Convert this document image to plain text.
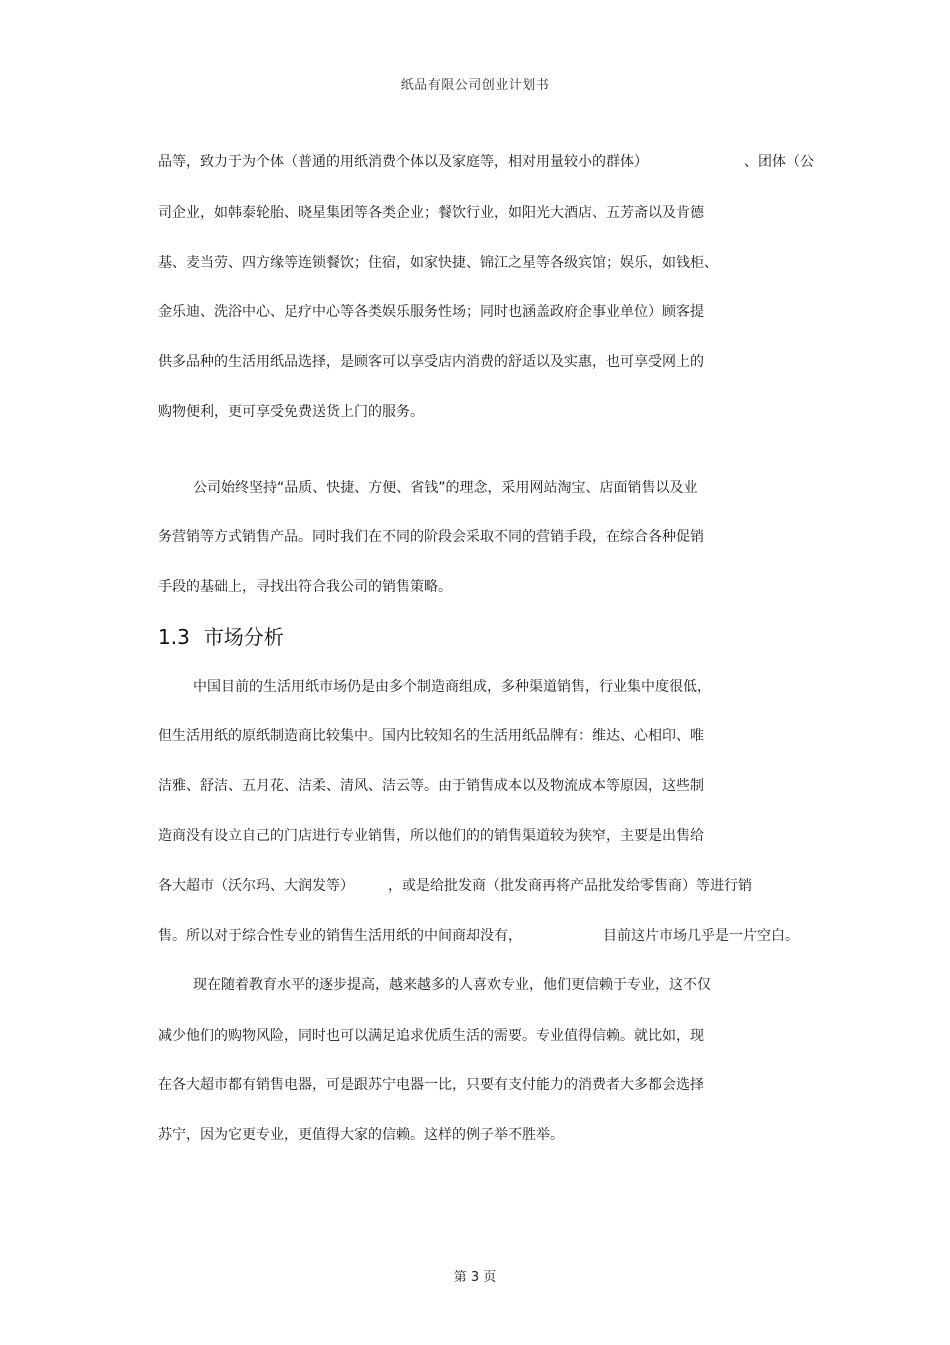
纸品有限公司创业计划书
品等，致力于为个体（普通的用纸消费个体以及家庭等，相对用量较小的群体）	、团体（公
司企业，如韩泰轮胎、晓星集团等各类企业；餐饮行业，如阳光大酒店、五芳斋以及肯德
基、麦当劳、四方缘等连锁餐饮；住宿，如家快捷、锦江之星等各级宾馆；娱乐，如钱柜、
金乐迪、洗浴中心、足疗中心等各类娱乐服务性场；同时也涵盖政府企事业单位）顾客提
供多品种的生活用纸品选择，是顾客可以享受店内消费的舒适以及实惠，也可享受网上的
购物便利，更可享受免费送货上门的服务。
公司始终坚持“品质、快捷、方便、省钱”的理念，采用网站淘宝、店面销售以及业
务营销等方式销售产品。同时我们在不同的阶段会采取不同的营销手段，在综合各种促销
手段的基础上，寻找出符合我公司的销售策略。
1.3 市场分析
中国目前的生活用纸市场仍是由多个制造商组成，多种渠道销售，行业集中度很低，
但生活用纸的原纸制造商比较集中。国内比较知名的生活用纸品牌有：维达、心相印、唯
洁雅、舒洁、五月花、洁柔、清风、洁云等。由于销售成本以及物流成本等原因，这些制
造商没有设立自己的门店进行专业销售，所以他们的的销售渠道较为狭窄，主要是出售给
各大超市（沃尔玛、大润发等） ，或是给批发商（批发商再将产品批发给零售商）等进行销
售。所以对于综合性专业的销售生活用纸的中间商却没有，	目前这片市场几乎是一片空白。
现在随着教育水平的逐步提高，越来越多的人喜欢专业，他们更信赖于专业，这不仅
减少他们的购物风险，同时也可以满足追求优质生活的需要。专业值得信赖。就比如，现
在各大超市都有销售电器，可是跟苏宁电器一比，只要有支付能力的消费者大多都会选择
苏宁，因为它更专业，更值得大家的信赖。这样的例子举不胜举。
第 3 页
